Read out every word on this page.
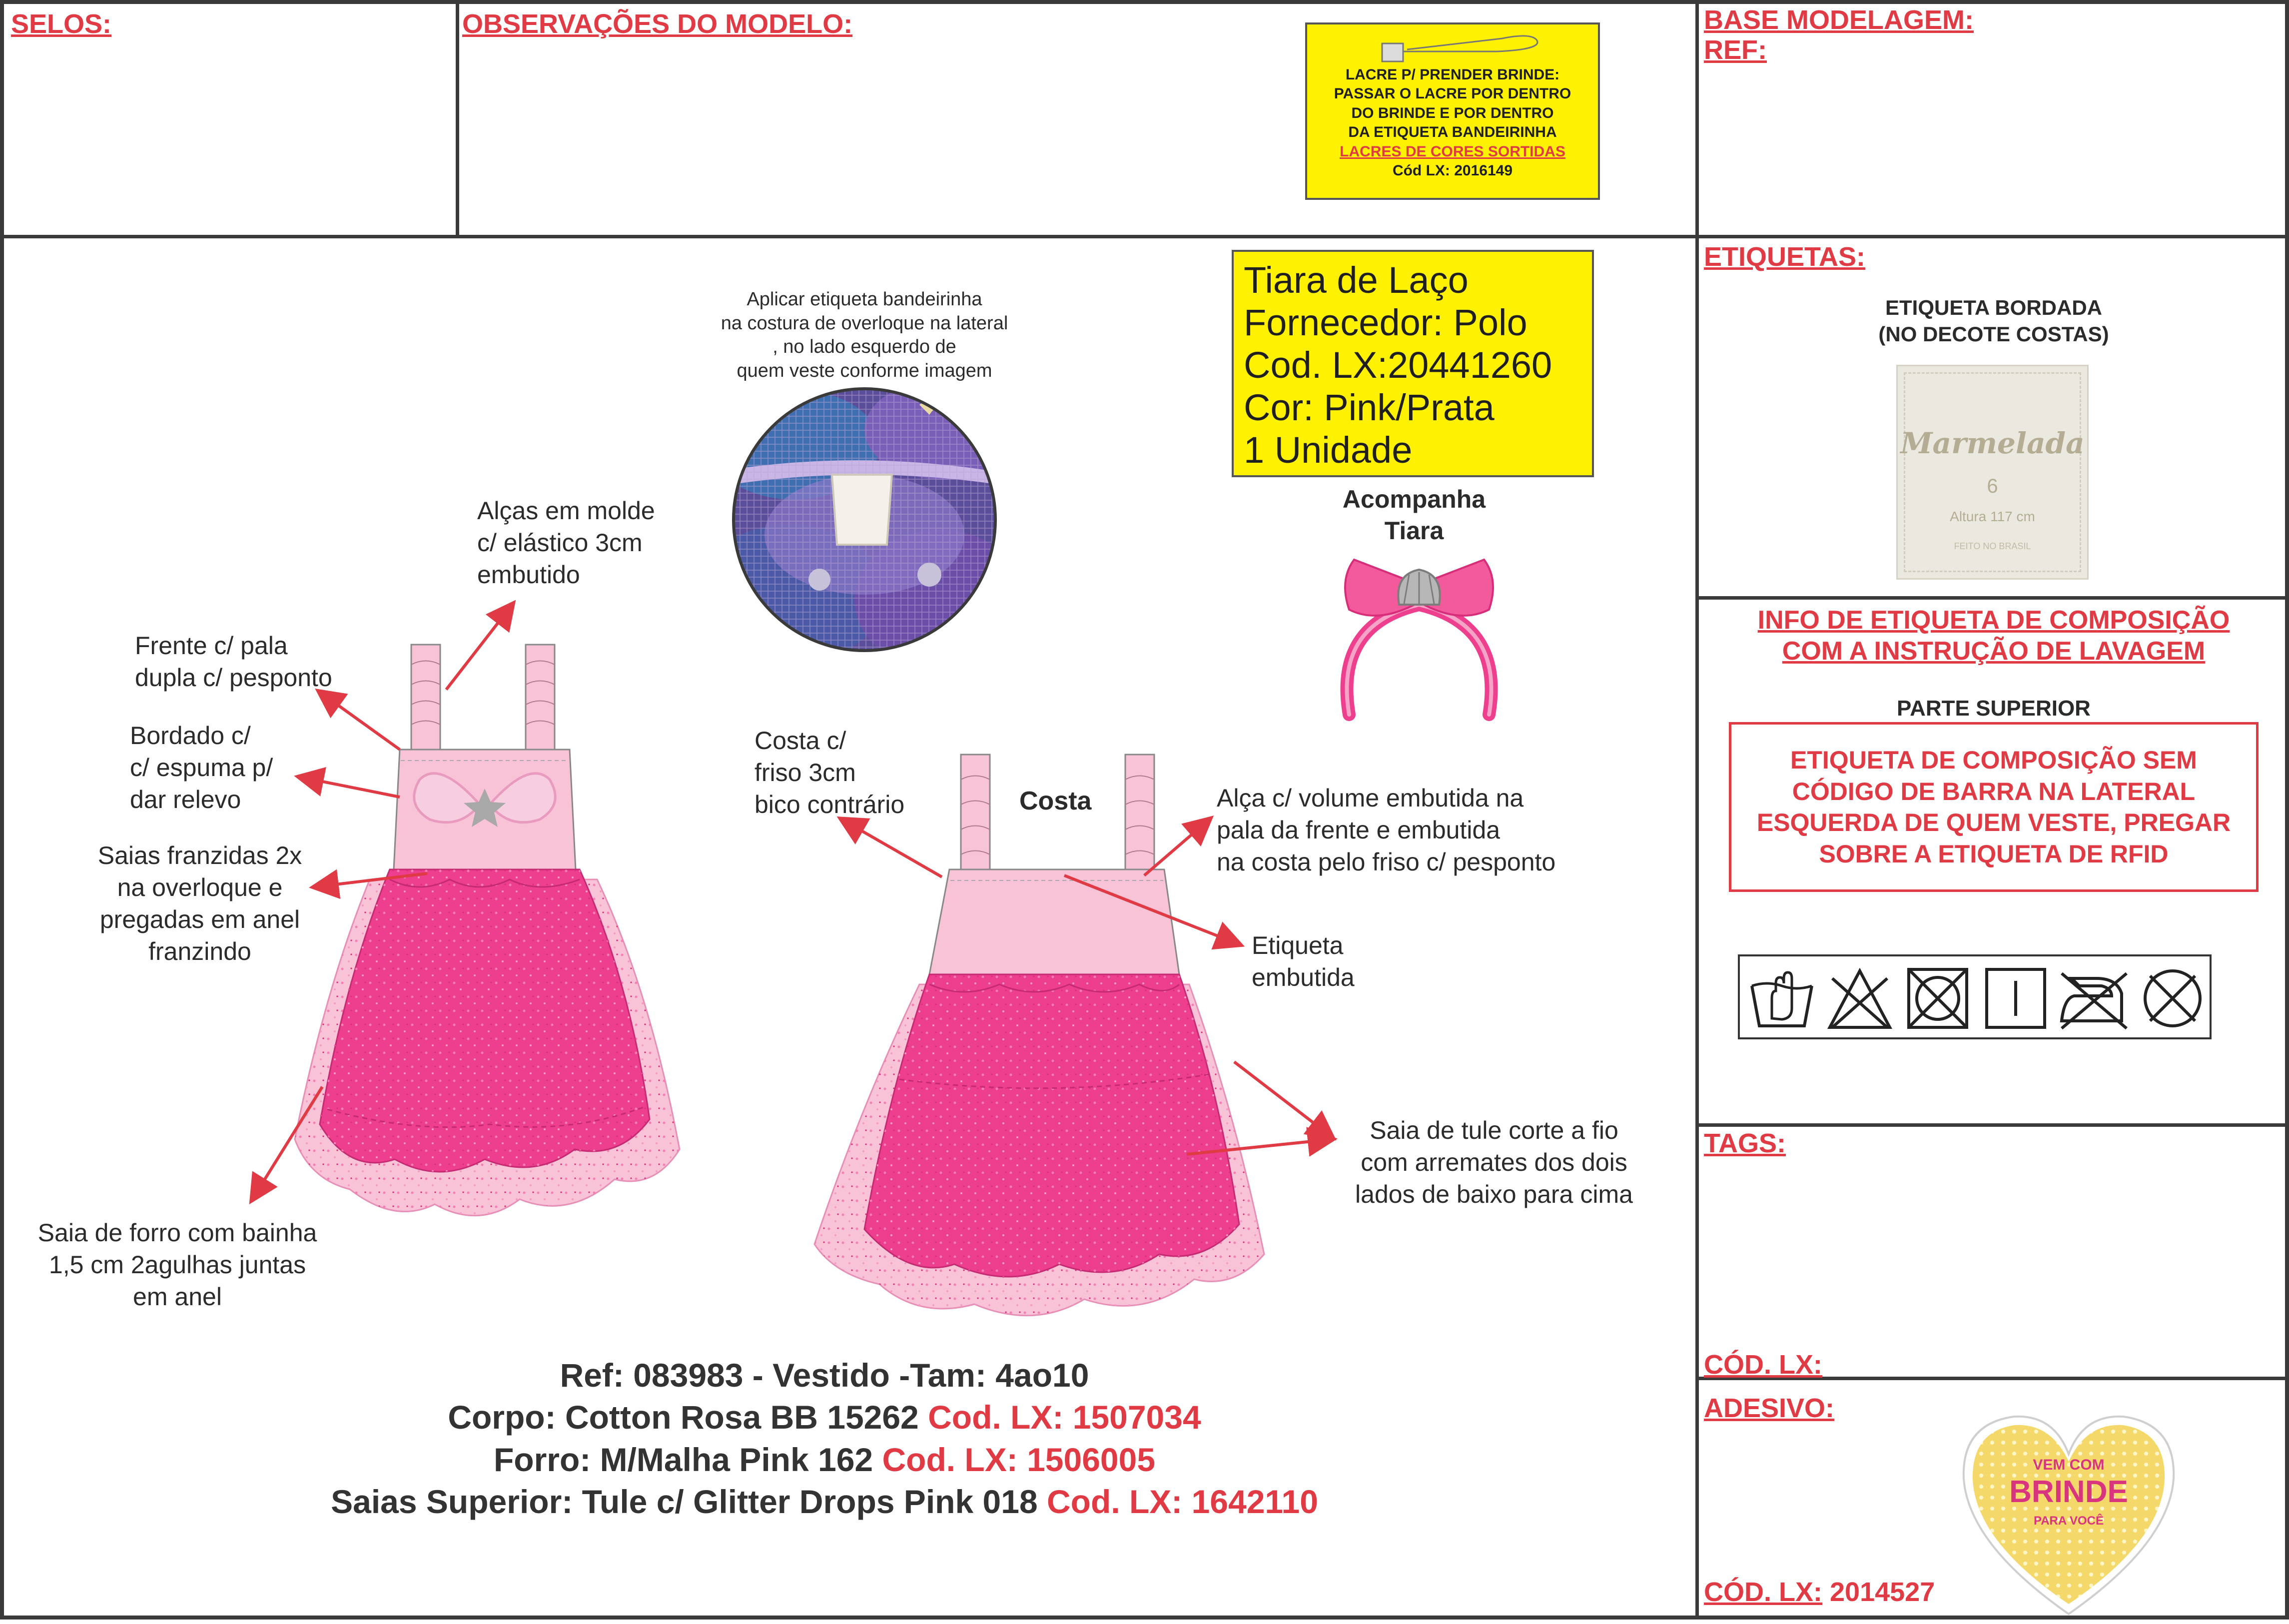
SELOS:	OBSERVAÇÕES DO MODELO:	BASE MODELAGEM:
REF:
LACRE P/ PRENDER BRINDE:
PASSAR O LACRE POR DENTRO
DO BRINDE E POR DENTRO
DA ETIQUETA BANDEIRINHA
LACRES DE CORES SORTIDAS
Cód LX: 2016149
Aplicar etiqueta bandeirinha
na costura de overloque na lateral
, no lado esquerdo de
quem veste conforme imagem
Tiara de Laço
Fornecedor: Polo
Cod. LX:20441260
Cor: Pink/Prata
1 Unidade
Acompanha
Tiara
Costa
Alças em molde
c/ elástico 3cm
embutido
Frente c/ pala
dupla c/ pesponto
Bordado c/
c/ espuma p/
dar relevo
Saias franzidas 2x
na overloque e
pregadas em anel
franzindo
Saia de forro com bainha
1,5 cm 2agulhas juntas
em anel
Costa c/
friso 3cm
bico contrário	Alça c/ volume embutida na
pala da frente e embutida
na costa pelo friso c/ pesponto
Etiqueta
embutida
Saia de tule corte a fio
com arremates dos dois
lados de baixo para cima
Ref: 083983 - Vestido -Tam: 4ao10
Corpo: Cotton Rosa BB 15262 Cod. LX: 1507034
Forro: M/Malha Pink 162 Cod. LX: 1506005
Saias Superior: Tule c/ Glitter Drops Pink 018 Cod. LX: 1642110
ETIQUETAS:
ETIQUETA BORDADA
(NO DECOTE COSTAS)
Marmelada
6
Altura 117 cm
FEITO NO BRASIL
INFO DE ETIQUETA DE COMPOSIÇÃO
COM A INSTRUÇÃO DE LAVAGEM
PARTE SUPERIOR
ETIQUETA DE COMPOSIÇÃO SEM
CÓDIGO DE BARRA NA LATERAL
ESQUERDA DE QUEM VESTE, PREGAR
SOBRE A ETIQUETA DE RFID
TAGS:
CÓD. LX:
ADESIVO:
CÓD. LX: 2014527
VEM COM
BRINDE
PARA VOCÊ
